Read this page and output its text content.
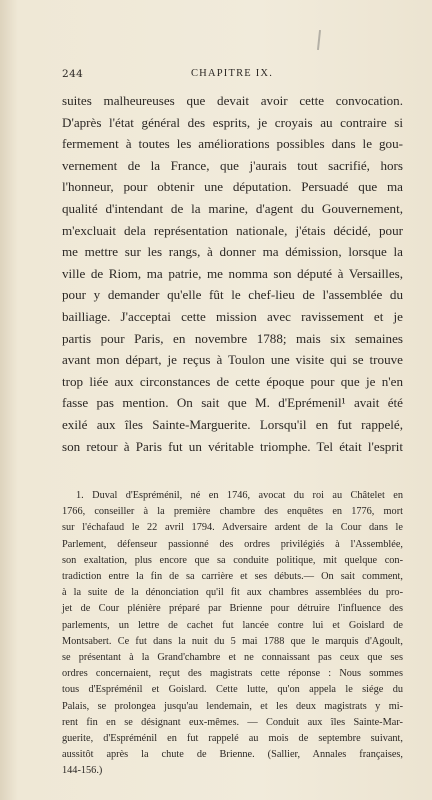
244	CHAPITRE IX.
suites malheureuses que devait avoir cette convocation.
D'après l'état général des esprits, je croyais au contraire si
fermement à toutes les améliorations possibles dans le gou-
vernement de la France, que j'aurais tout sacrifié, hors
l'honneur, pour obtenir une députation. Persuadé que ma
qualité d'intendant de la marine, d'agent du Gouvernement,
m'excluait dela représentation nationale, j'étais décidé, pour
me mettre sur les rangs, à donner ma démission, lorsque la
ville de Riom, ma patrie, me nomma son député à Versailles,
pour y demander qu'elle fût le chef-lieu de l'assemblée du
bailliage. J'acceptai cette mission avec ravissement et je
partis pour Paris, en novembre 1788; mais six semaines
avant mon départ, je reçus à Toulon une visite qui se trouve
trop liée aux circonstances de cette époque pour que je n'en
fasse pas mention. On sait que M. d'Eprémenil¹ avait été
exilé aux îles Sainte-Marguerite. Lorsqu'il en fut rappelé,
son retour à Paris fut un véritable triomphe. Tel était l'esprit
1. Duval d'Espréménil, né en 1746, avocat du roi au Châtelet en
1766, conseiller à la première chambre des enquêtes en 1776, mort
sur l'échafaud le 22 avril 1794. Adversaire ardent de la Cour dans le
Parlement, défenseur passionné des ordres privilégiés à l'Assemblée,
son exaltation, plus encore que sa conduite politique, mit quelque con-
tradiction entre la fin de sa carrière et ses débuts.— On sait comment,
à la suite de la dénonciation qu'il fit aux chambres assemblées du pro-
jet de Cour plénière préparé par Brienne pour détruire l'influence des
parlements, un lettre de cachet fut lancée contre lui et Goislard de
Montsabert. Ce fut dans la nuit du 5 mai 1788 que le marquis d'Agoult,
se présentant à la Grand'chambre et ne connaissant pas ceux que ses
ordres concernaient, reçut des magistrats cette réponse : Nous sommes
tous d'Espréménil et Goislard. Cette lutte, qu'on appela le siége du
Palais, se prolongea jusqu'au lendemain, et les deux magistrats y mi-
rent fin en se désignant eux-mêmes. — Conduit aux îles Sainte-Mar-
guerite, d'Espréménil en fut rappelé au mois de septembre suivant,
aussitôt après la chute de Brienne. (Sallier, Annales françaises,
144-156.)
